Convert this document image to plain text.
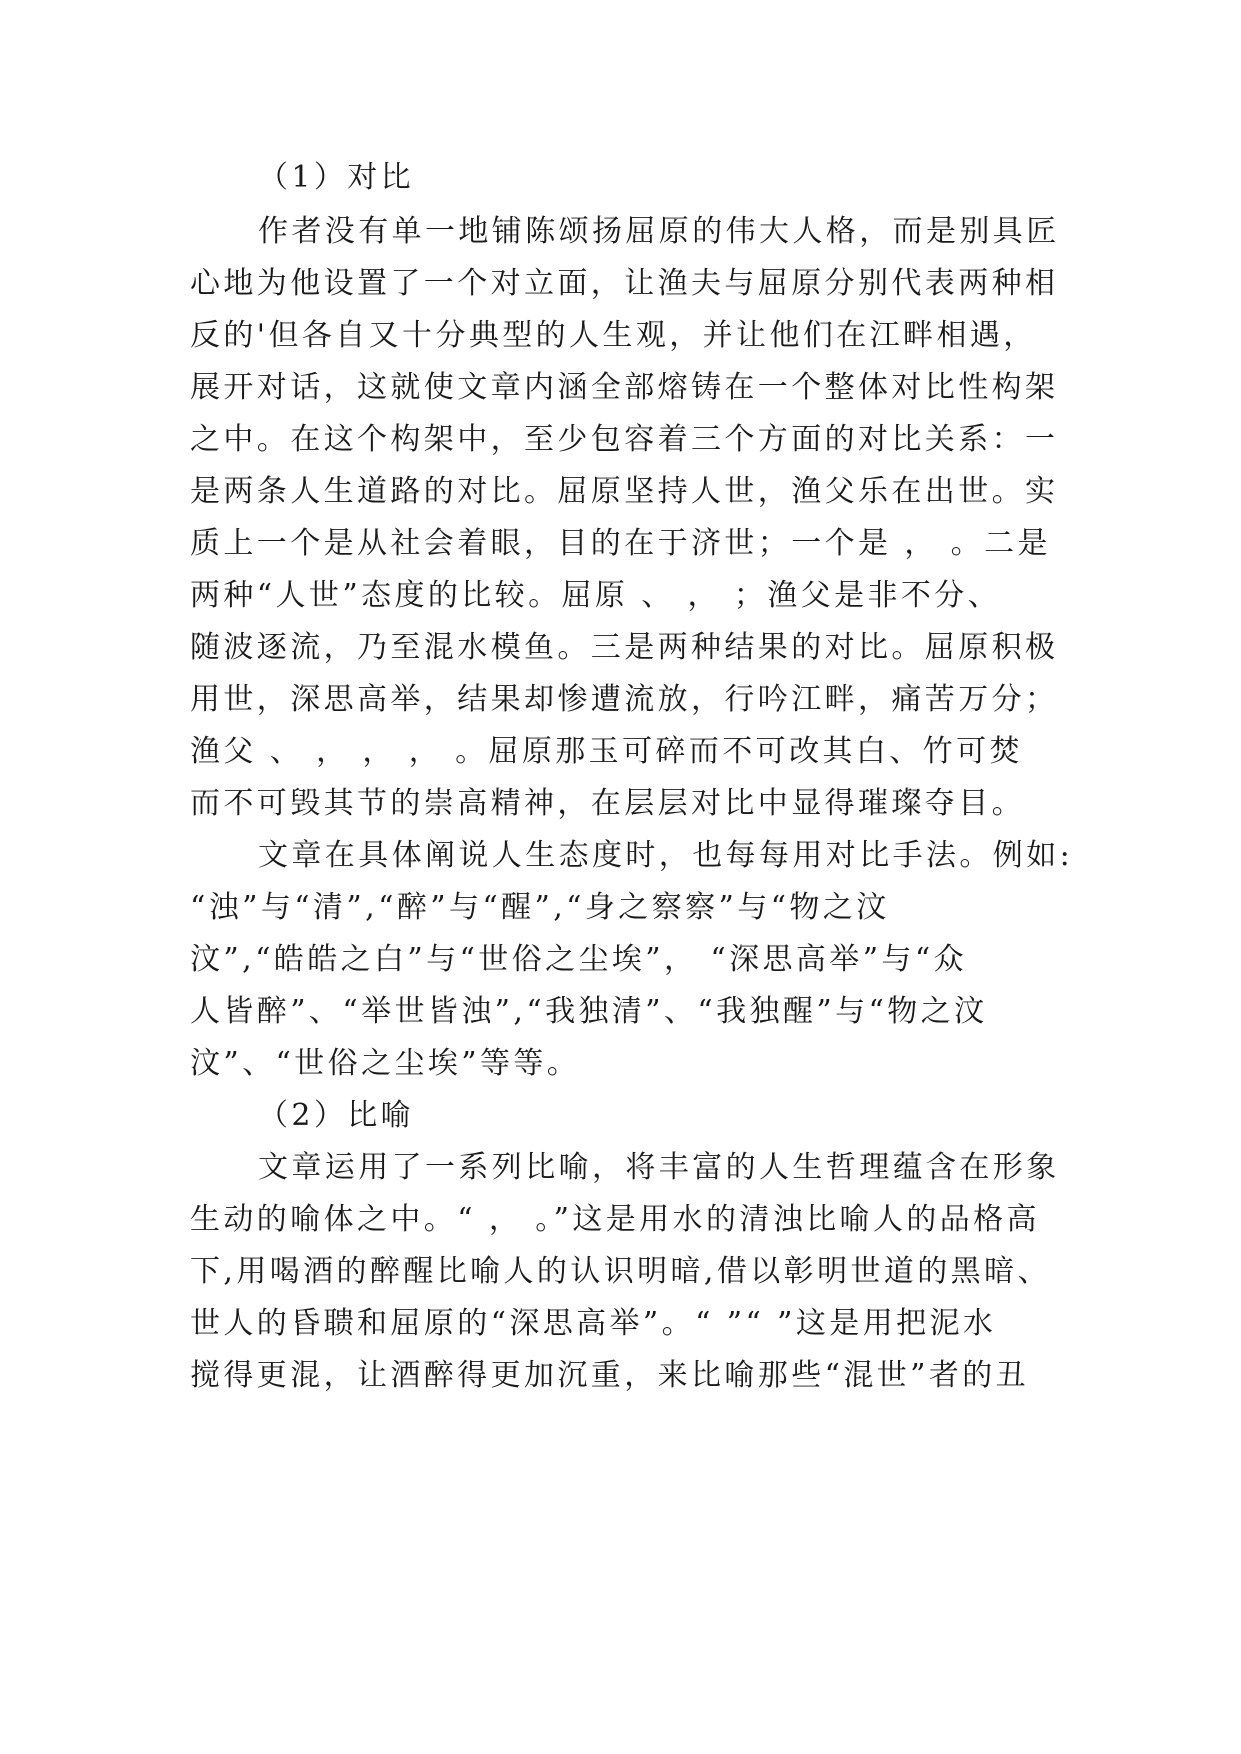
（1）对比
作者没有单一地铺陈颂扬屈原的伟大人格，而是别具匠
心地为他设置了一个对立面，让渔夫与屈原分别代表两种相
反的'但各自又十分典型的人生观，并让他们在江畔相遇，
展开对话，这就使文章内涵全部熔铸在一个整体对比性构架
之中。在这个构架中，至少包容着三个方面的对比关系：一
是两条人生道路的对比。屈原坚持人世，渔父乐在出世。实
质上一个是从社会着眼，目的在于济世；一个是 ， 。二是
两种“人世”态度的比较。屈原 、 ， ；渔父是非不分、
随波逐流，乃至混水模鱼。三是两种结果的对比。屈原积极
用世，深思高举，结果却惨遭流放，行吟江畔，痛苦万分；
渔父 、 ， ， ， 。屈原那玉可碎而不可改其白、竹可焚
而不可毁其节的崇高精神，在层层对比中显得璀璨夺目。
文章在具体阐说人生态度时，也每每用对比手法。例如:
“浊”与“清”,“醉”与“醒”,“身之察察”与“物之汶
汶”,“皓皓之白”与“世俗之尘埃”， “深思高举”与“众
人皆醉”、“举世皆浊”,“我独清”、“我独醒”与“物之汶
汶”、“世俗之尘埃”等等。
（2）比喻
文章运用了一系列比喻，将丰富的人生哲理蕴含在形象
生动的喻体之中。“ ， 。”这是用水的清浊比喻人的品格高
下,用喝酒的醉醒比喻人的认识明暗,借以彰明世道的黑暗、
世人的昏聩和屈原的“深思高举”。“ ”“ ”这是用把泥水
搅得更混，让酒醉得更加沉重，来比喻那些“混世”者的丑
